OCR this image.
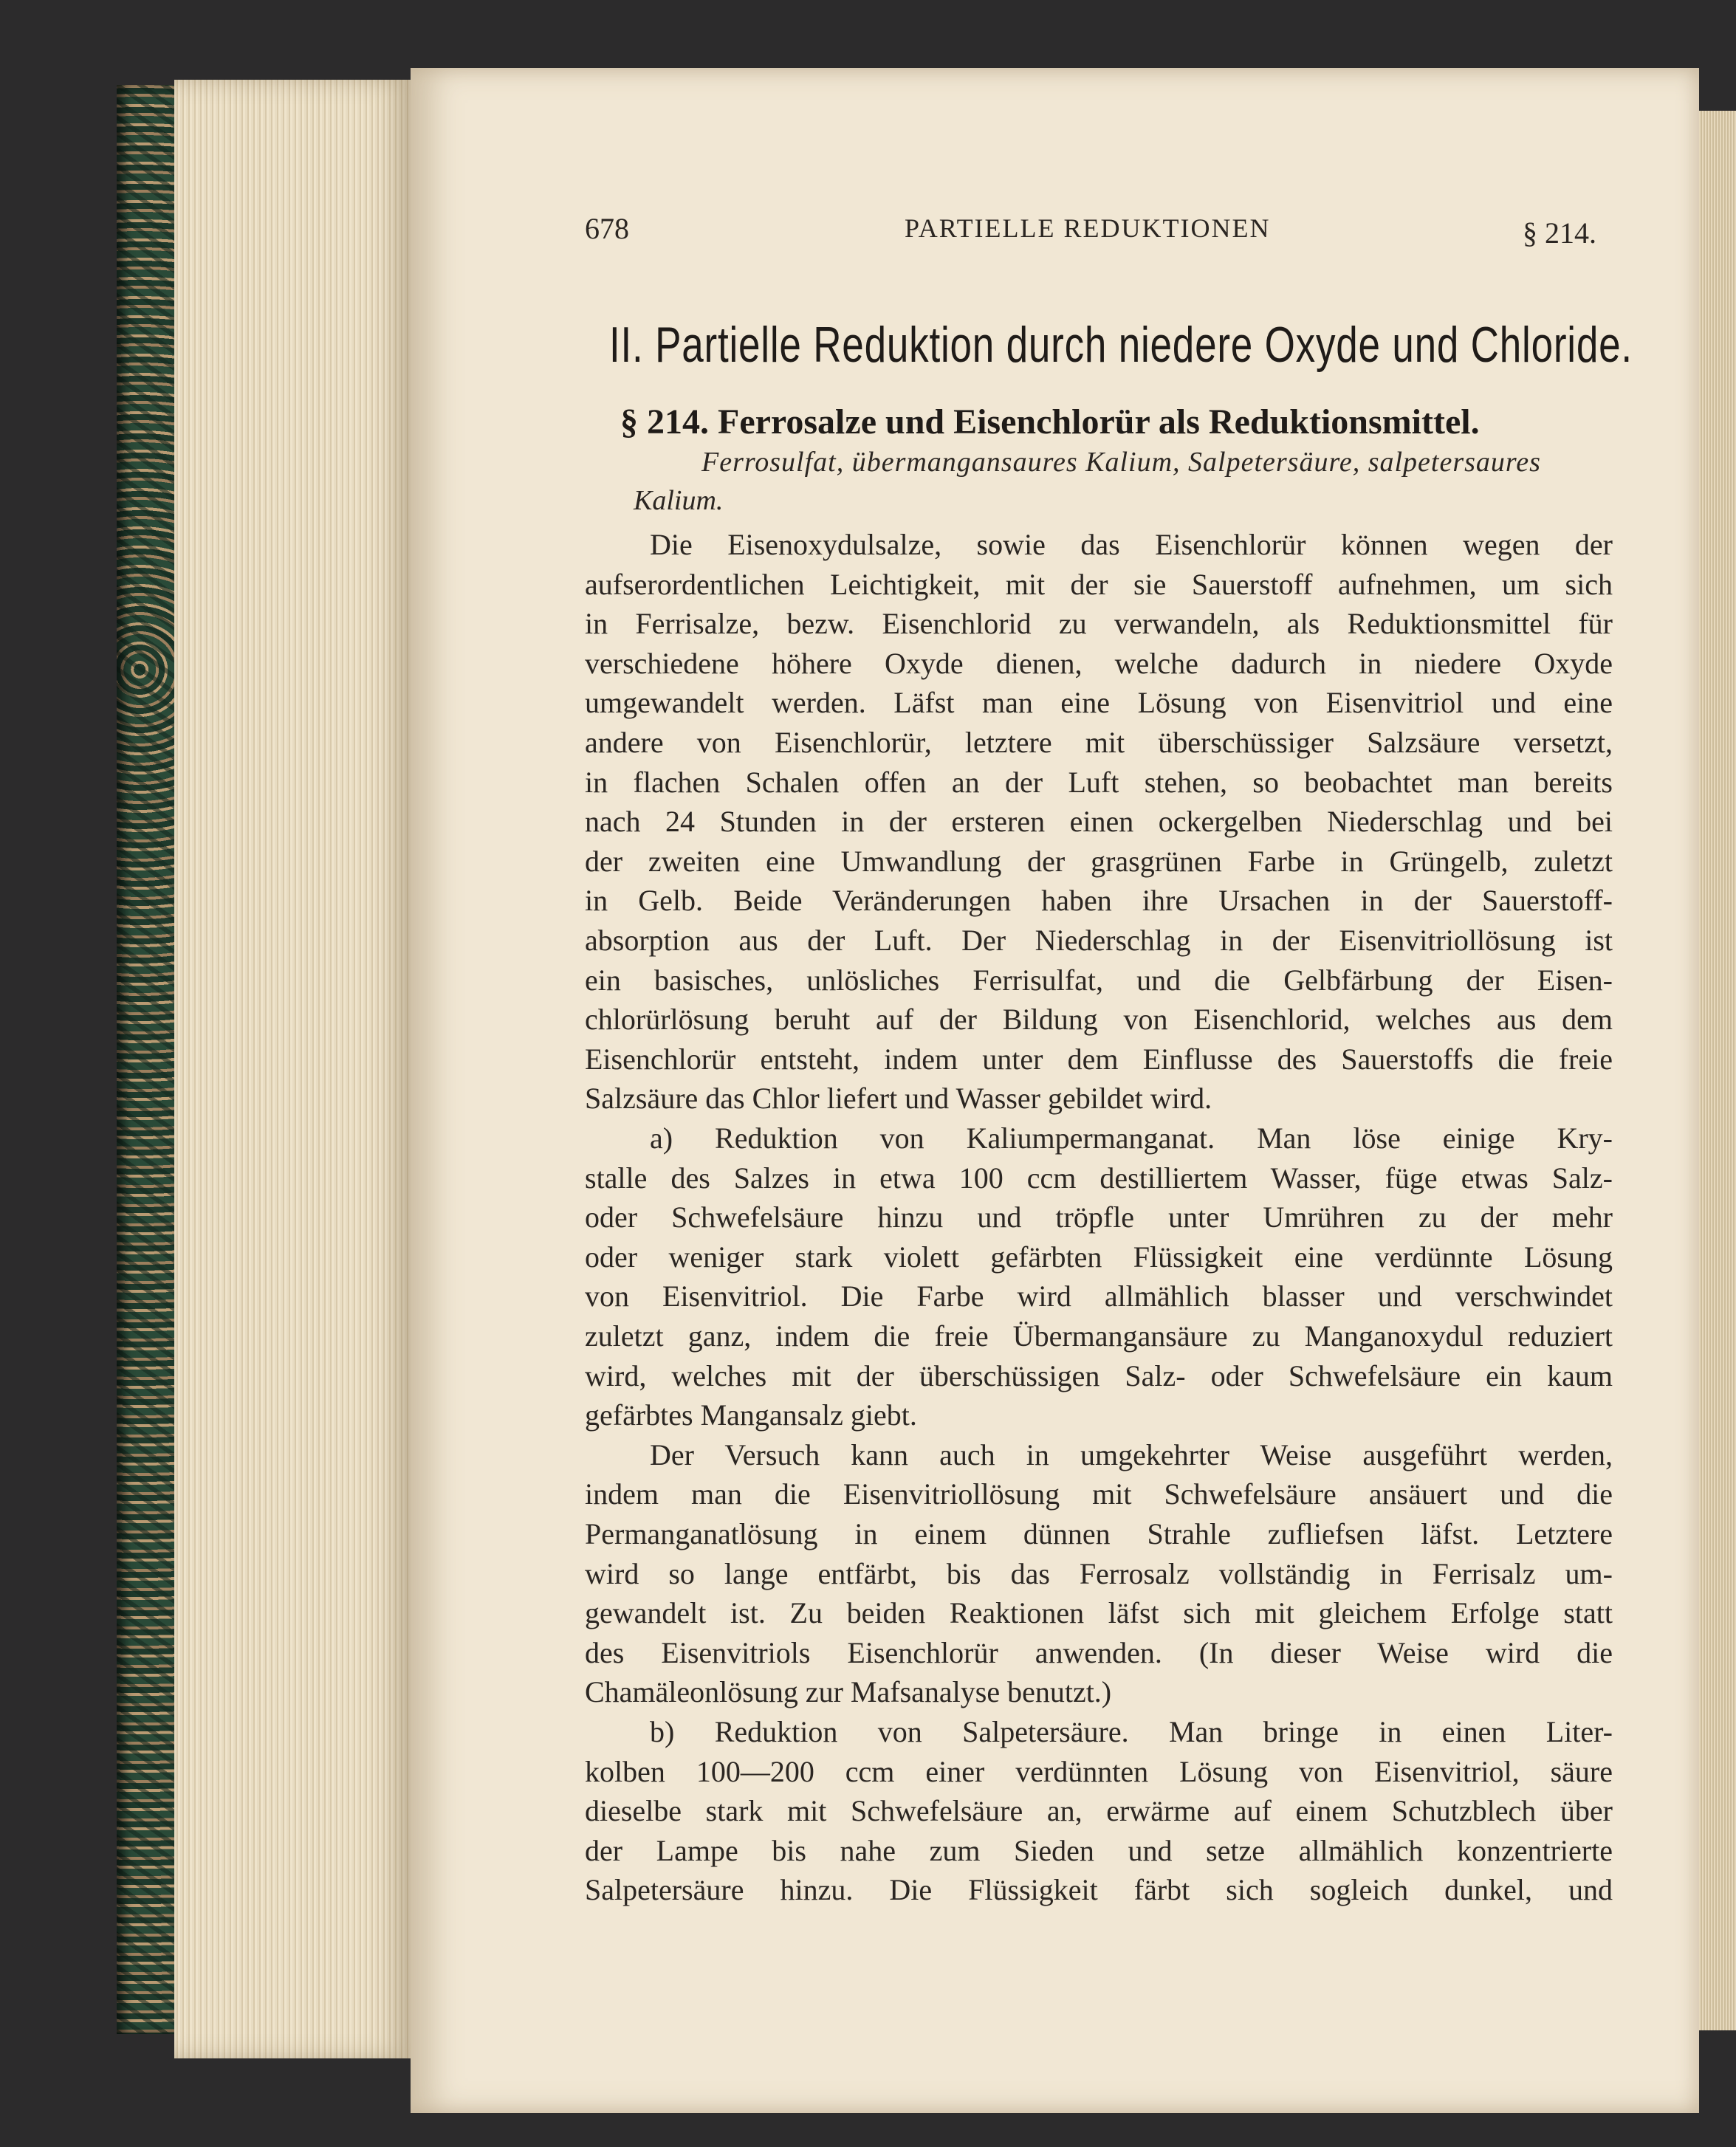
678	PARTIELLE REDUKTIONEN	§ 214.
II. Partielle Reduktion durch niedere Oxyde und Chloride.
§ 214. Ferrosalze und Eisenchlorür als Reduktionsmittel.
Ferrosulfat, übermangansaures Kalium, Salpetersäure, salpetersaures
Kalium.
Die Eisenoxydulsalze, sowie das Eisenchlorür können wegen der
aufserordentlichen Leichtigkeit, mit der sie Sauerstoff aufnehmen, um sich
in Ferrisalze, bezw. Eisenchlorid zu verwandeln, als Reduktionsmittel für
verschiedene höhere Oxyde dienen, welche dadurch in niedere Oxyde
umgewandelt werden. Läfst man eine Lösung von Eisenvitriol und eine
andere von Eisenchlorür, letztere mit überschüssiger Salzsäure versetzt,
in flachen Schalen offen an der Luft stehen, so beobachtet man bereits
nach 24 Stunden in der ersteren einen ockergelben Niederschlag und bei
der zweiten eine Umwandlung der grasgrünen Farbe in Grüngelb, zuletzt
in Gelb. Beide Veränderungen haben ihre Ursachen in der Sauerstoff-
absorption aus der Luft. Der Niederschlag in der Eisenvitriollösung ist
ein basisches, unlösliches Ferrisulfat, und die Gelbfärbung der Eisen-
chlorürlösung beruht auf der Bildung von Eisenchlorid, welches aus dem
Eisenchlorür entsteht, indem unter dem Einflusse des Sauerstoffs die freie
Salzsäure das Chlor liefert und Wasser gebildet wird.
a) Reduktion von Kaliumpermanganat. Man löse einige Kry-
stalle des Salzes in etwa 100 ccm destilliertem Wasser, füge etwas Salz-
oder Schwefelsäure hinzu und tröpfle unter Umrühren zu der mehr
oder weniger stark violett gefärbten Flüssigkeit eine verdünnte Lösung
von Eisenvitriol. Die Farbe wird allmählich blasser und verschwindet
zuletzt ganz, indem die freie Übermangansäure zu Manganoxydul reduziert
wird, welches mit der überschüssigen Salz- oder Schwefelsäure ein kaum
gefärbtes Mangansalz giebt.
Der Versuch kann auch in umgekehrter Weise ausgeführt werden,
indem man die Eisenvitriollösung mit Schwefelsäure ansäuert und die
Permanganatlösung in einem dünnen Strahle zufliefsen läfst. Letztere
wird so lange entfärbt, bis das Ferrosalz vollständig in Ferrisalz um-
gewandelt ist. Zu beiden Reaktionen läfst sich mit gleichem Erfolge statt
des Eisenvitriols Eisenchlorür anwenden. (In dieser Weise wird die
Chamäleonlösung zur Mafsanalyse benutzt.)
b) Reduktion von Salpetersäure. Man bringe in einen Liter-
kolben 100—200 ccm einer verdünnten Lösung von Eisenvitriol, säure
dieselbe stark mit Schwefelsäure an, erwärme auf einem Schutzblech über
der Lampe bis nahe zum Sieden und setze allmählich konzentrierte
Salpetersäure hinzu. Die Flüssigkeit färbt sich sogleich dunkel, und
